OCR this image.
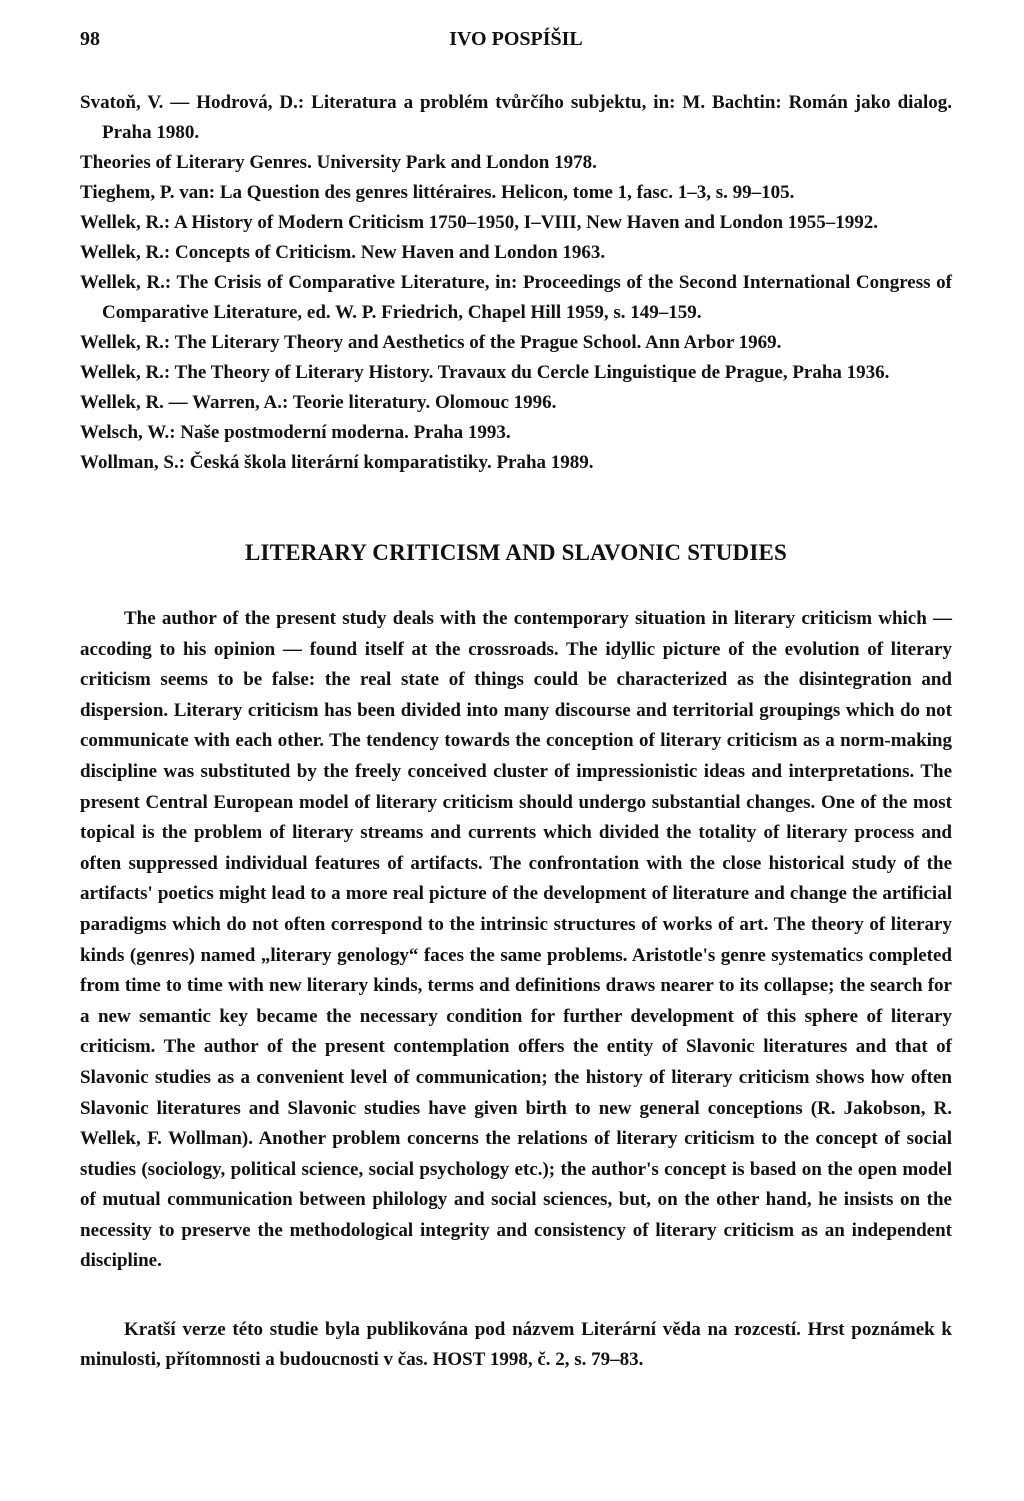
98	IVO POSPÍŠIL

Svatoň, V. — Hodrová, D.: Literatura a problém tvůrčího subjektu, in: M. Bachtin: Román jako dialog. Praha 1980.

Theories of Literary Genres. University Park and London 1978.

Tieghem, P. van: La Question des genres littéraires. Helicon, tome 1, fasc. 1–3, s. 99–105.

Wellek, R.: A History of Modern Criticism 1750–1950, I–VIII, New Haven and London 1955–1992.

Wellek, R.: Concepts of Criticism. New Haven and London 1963.

Wellek, R.: The Crisis of Comparative Literature, in: Proceedings of the Second International Congress of Comparative Literature, ed. W. P. Friedrich, Chapel Hill 1959, s. 149–159.

Wellek, R.: The Literary Theory and Aesthetics of the Prague School. Ann Arbor 1969.

Wellek, R.: The Theory of Literary History. Travaux du Cercle Linguistique de Prague, Praha 1936.

Wellek, R. — Warren, A.: Teorie literatury. Olomouc 1996.

Welsch, W.: Naše postmoderní moderna. Praha 1993.

Wollman, S.: Česká škola literární komparatistiky. Praha 1989.

LITERARY CRITICISM AND SLAVONIC STUDIES

The author of the present study deals with the contemporary situation in literary criticism which — accoding to his opinion — found itself at the crossroads. The idyllic picture of the evolution of literary criticism seems to be false: the real state of things could be characterized as the disintegration and dispersion. Literary criticism has been divided into many discourse and territorial groupings which do not communicate with each other. The tendency towards the conception of literary criticism as a norm-making discipline was substituted by the freely conceived cluster of impressionistic ideas and interpretations. The present Central European model of literary criticism should undergo substantial changes. One of the most topical is the problem of literary streams and currents which divided the totality of literary process and often suppressed individual features of artifacts. The confrontation with the close historical study of the artifacts' poetics might lead to a more real picture of the development of literature and change the artificial paradigms which do not often correspond to the intrinsic structures of works of art. The theory of literary kinds (genres) named „literary genology“ faces the same problems. Aristotle's genre systematics completed from time to time with new literary kinds, terms and definitions draws nearer to its collapse; the search for a new semantic key became the necessary condition for further development of this sphere of literary criticism. The author of the present contemplation offers the entity of Slavonic literatures and that of Slavonic studies as a convenient level of communication; the history of literary criticism shows how often Slavonic literatures and Slavonic studies have given birth to new general conceptions (R. Jakobson, R. Wellek, F. Wollman). Another problem concerns the relations of literary criticism to the concept of social studies (sociology, political science, social psychology etc.); the author's concept is based on the open model of mutual communication between philology and social sciences, but, on the other hand, he insists on the necessity to preserve the methodological integrity and consistency of literary criticism as an independent discipline.

Kratší verze této studie byla publikována pod názvem Literární věda na rozcestí. Hrst poznámek k minulosti, přítomnosti a budoucnosti v čas. HOST 1998, č. 2, s. 79–83.
